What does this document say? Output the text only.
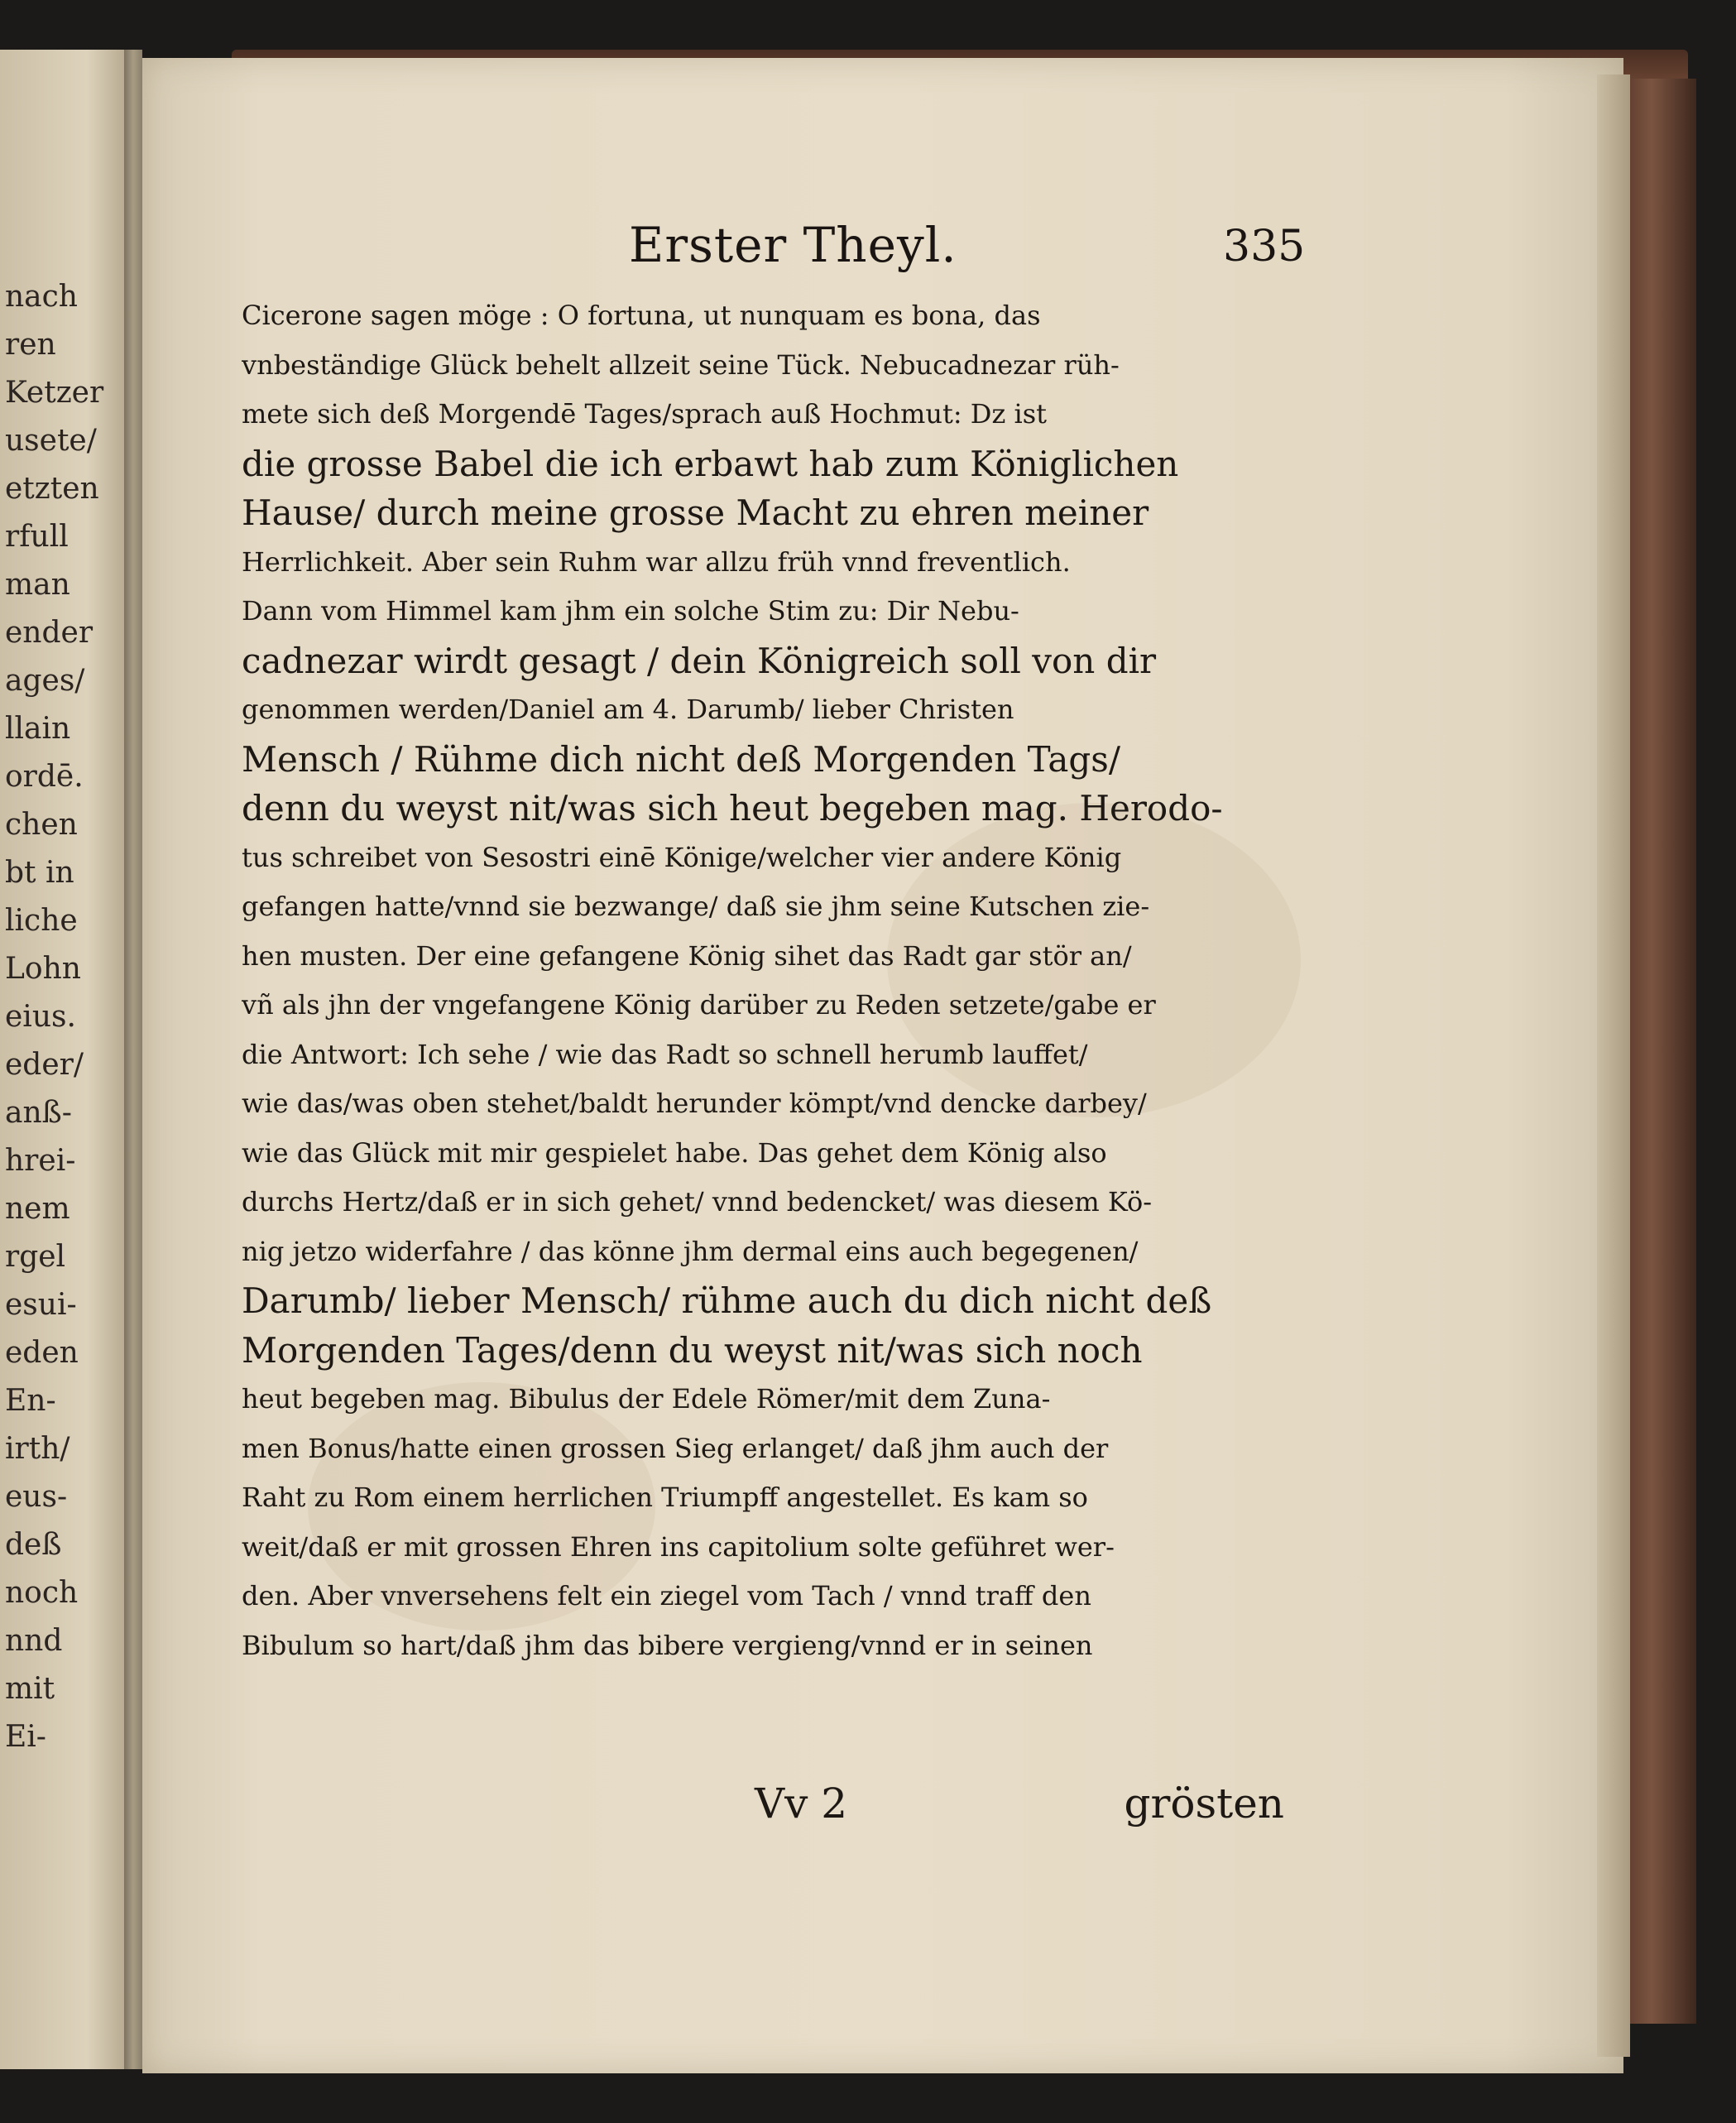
nach
ren
Ketzer
usete/
etzten
rfull
man
ender
ages/
llain
ordē.
chen
bt in
liche
Lohn
eius.
eder/
anß-
hrei-
nem
rgel
esui-
eden
En-
irth/
eus-
deß
noch
nnd
mit
Ei-
Erster Theyl.	335
Cicerone sagen möge : O fortuna, ut nunquam es bona, das
vnbeständige Glück behelt allzeit seine Tück. Nebucadnezar rüh-
mete sich deß Morgendē Tages/sprach auß Hochmut: Dz ist
die grosse Babel die ich erbawt hab zum Königlichen
Hause/ durch meine grosse Macht zu ehren meiner
Herrlichkeit. Aber sein Ruhm war allzu früh vnnd freventlich.
Dann vom Himmel kam jhm ein solche Stim zu: Dir Nebu-
cadnezar wirdt gesagt / dein Königreich soll von dir
genommen werden/Daniel am 4. Darumb/ lieber Christen
Mensch / Rühme dich nicht deß Morgenden Tags/
denn du weyst nit/was sich heut begeben mag. Herodo-
tus schreibet von Sesostri einē Könige/welcher vier andere König
gefangen hatte/vnnd sie bezwange/ daß sie jhm seine Kutschen zie-
hen musten. Der eine gefangene König sihet das Radt gar stör an/
vñ als jhn der vngefangene König darüber zu Reden setzete/gabe er
die Antwort: Ich sehe / wie das Radt so schnell herumb lauffet/
wie das/was oben stehet/baldt herunder kömpt/vnd dencke darbey/
wie das Glück mit mir gespielet habe. Das gehet dem König also
durchs Hertz/daß er in sich gehet/ vnnd bedencket/ was diesem Kö-
nig jetzo widerfahre / das könne jhm dermal eins auch begegenen/
Darumb/ lieber Mensch/ rühme auch du dich nicht deß
Morgenden Tages/denn du weyst nit/was sich noch
heut begeben mag. Bibulus der Edele Römer/mit dem Zuna-
men Bonus/hatte einen grossen Sieg erlanget/ daß jhm auch der
Raht zu Rom einem herrlichen Triumpff angestellet. Es kam so
weit/daß er mit grossen Ehren ins capitolium solte geführet wer-
den. Aber vnversehens felt ein ziegel vom Tach / vnnd traff den
Bibulum so hart/daß jhm das bibere vergieng/vnnd er in seinen
Vv 2	grösten
